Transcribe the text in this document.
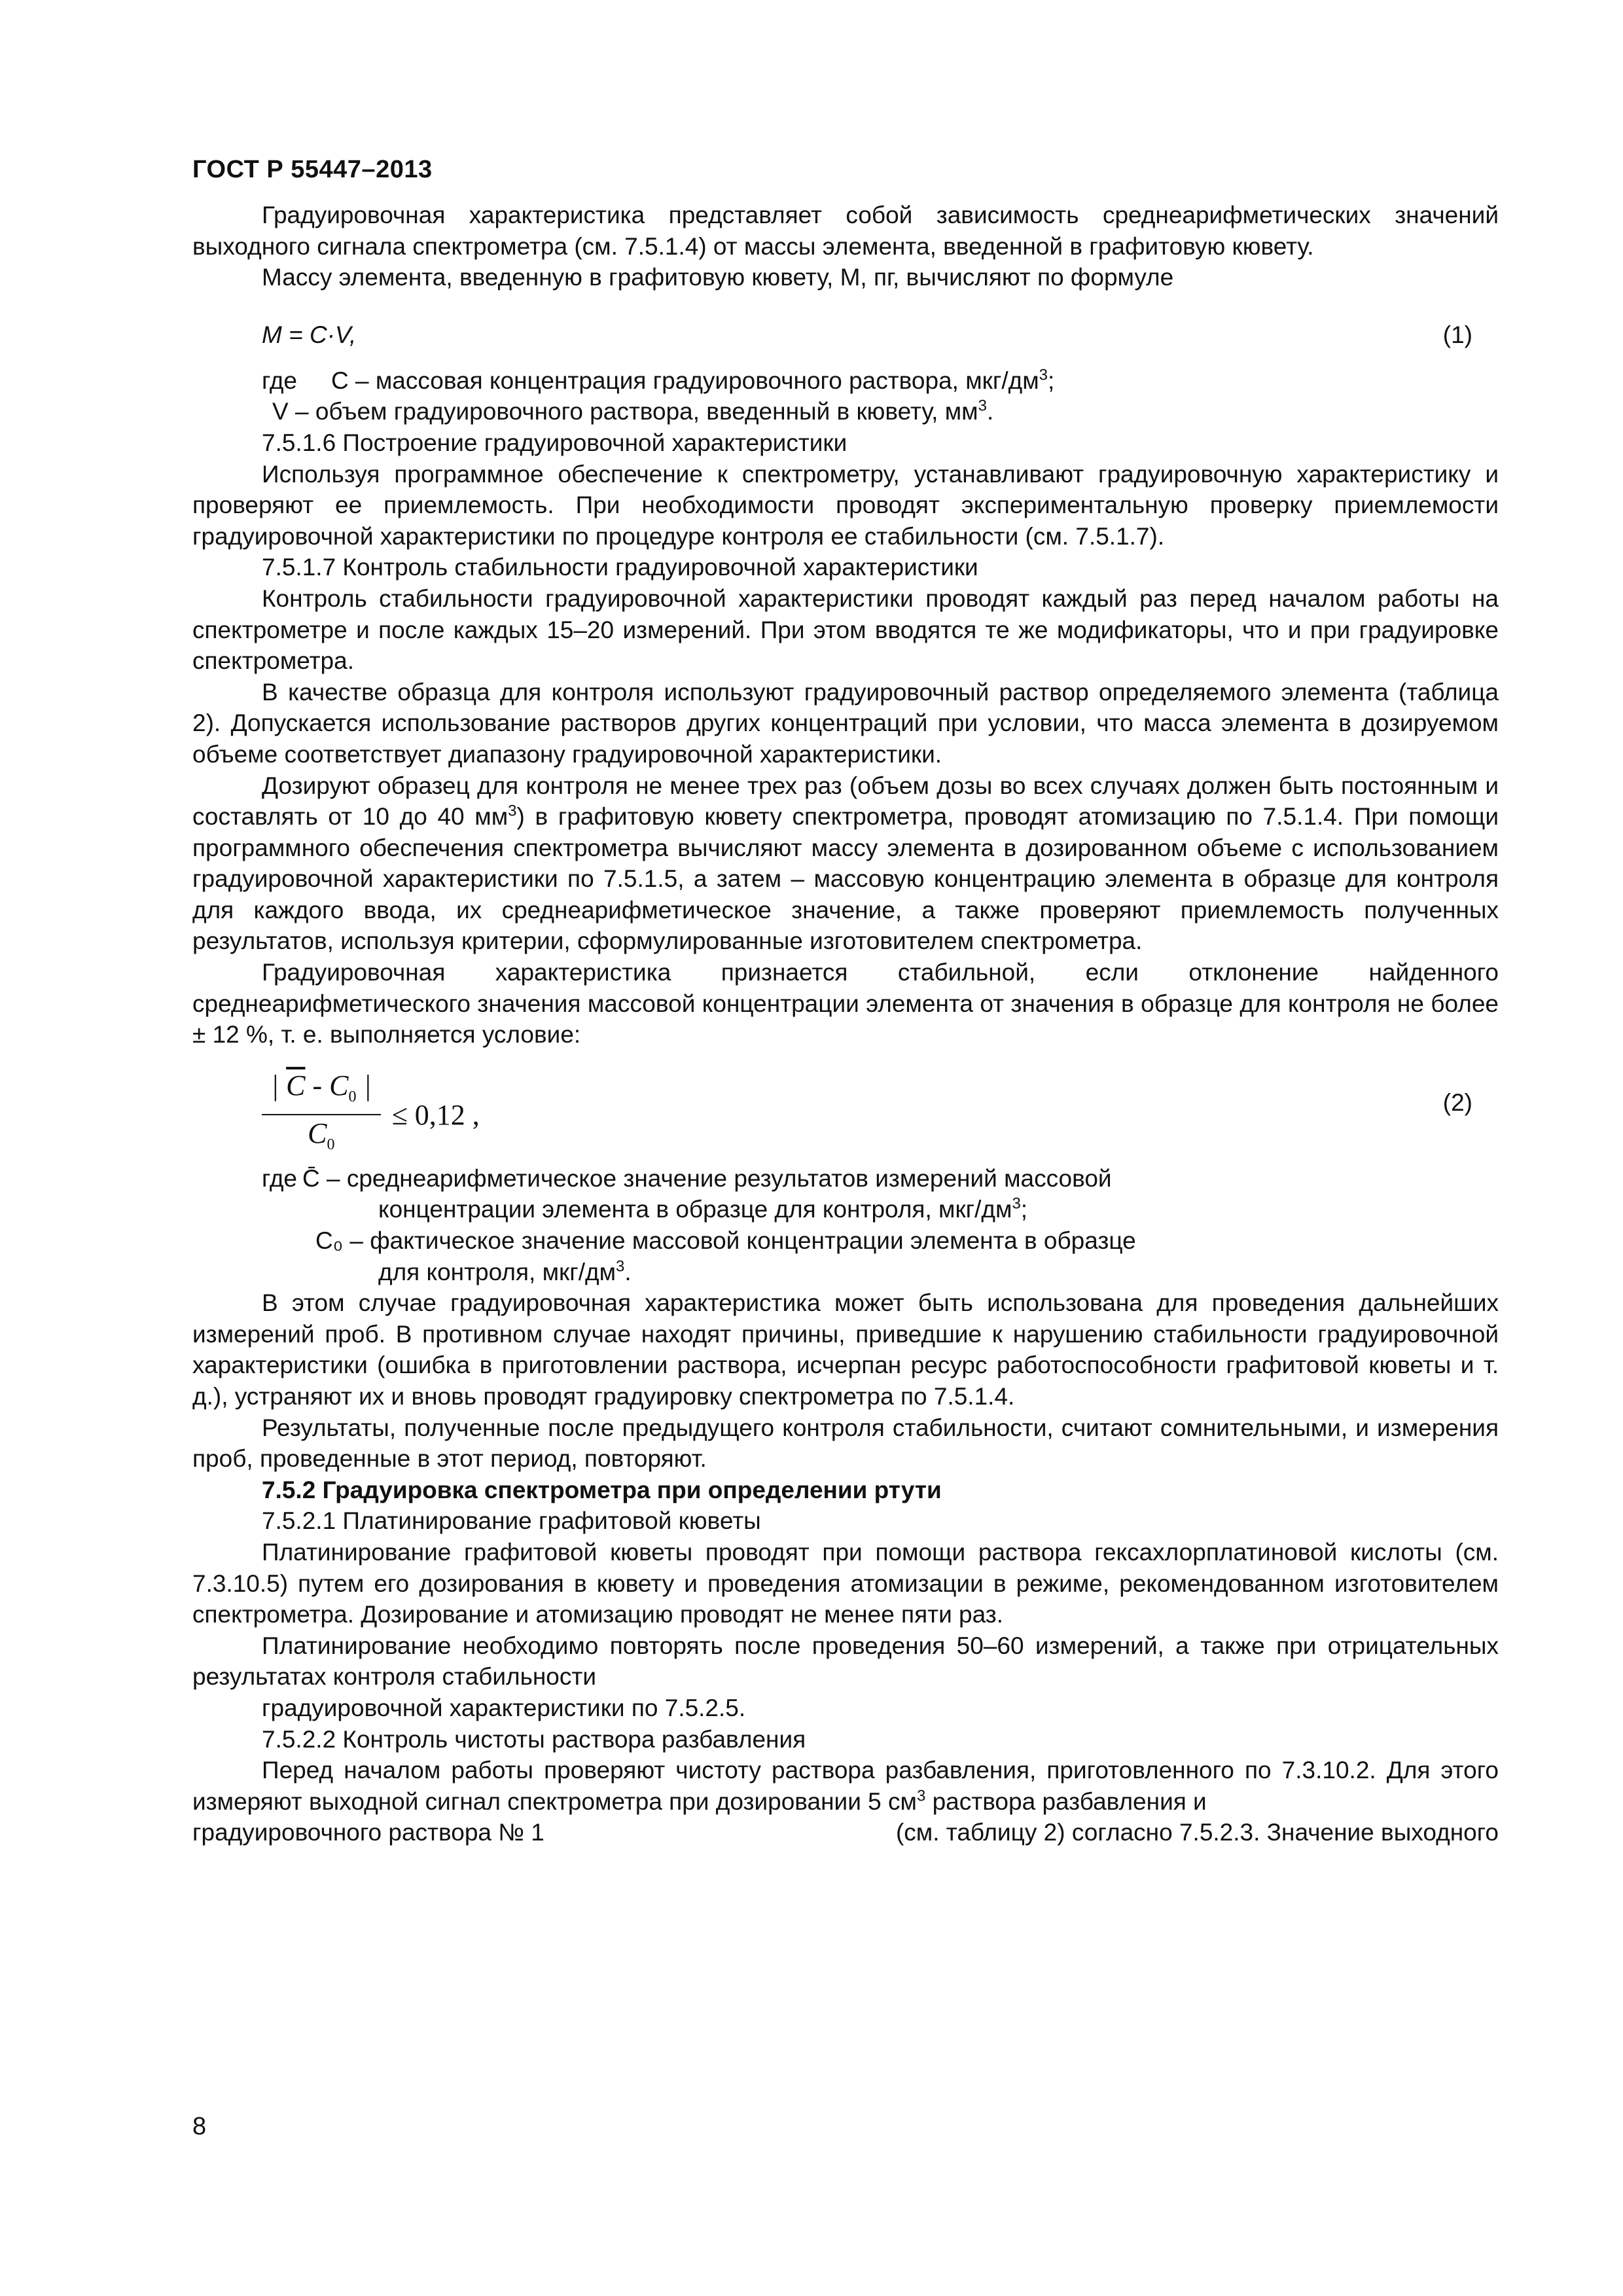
ГОСТ Р 55447–2013

Градуировочная характеристика представляет собой зависимость среднеарифметических значений выходного сигнала спектрометра (см. 7.5.1.4) от массы элемента, введенной в графитовую кювету.

Массу элемента, введенную в графитовую кювету, M, пг, вычисляют по формуле

M = C·V,	(1)

где C – массовая концентрация градуировочного раствора, мкг/$дм^3$;

V – объем градуировочного раствора, введенный в кювету, $мм^3$.

7.5.1.6 Построение градуировочной характеристики

Используя программное обеспечение к спектрометру, устанавливают градуировочную характеристику и проверяют ее приемлемость. При необходимости проводят экспериментальную проверку приемлемости градуировочной характеристики по процедуре контроля ее стабильности (см. 7.5.1.7).

7.5.1.7 Контроль стабильности градуировочной характеристики

Контроль стабильности градуировочной характеристики проводят каждый раз перед началом работы на спектрометре и после каждых 15–20 измерений. При этом вводятся те же модификаторы, что и при градуировке спектрометра.

В качестве образца для контроля используют градуировочный раствор определяемого элемента (таблица 2). Допускается использование растворов других концентраций при условии, что масса элемента в дозируемом объеме соответствует диапазону градуировочной характеристики.

Дозируют образец для контроля не менее трех раз (объем дозы во всех случаях должен быть постоянным и составлять от 10 до 40 $мм^3$) в графитовую кювету спектрометра, проводят атомизацию по 7.5.1.4. При помощи программного обеспечения спектрометра вычисляют массу элемента в дозированном объеме с использованием градуировочной характеристики по 7.5.1.5, а затем – массовую концентрацию элемента в образце для контроля для каждого ввода, их среднеарифметическое значение, а также проверяют приемлемость полученных результатов, используя критерии, сформулированные изготовителем спектрометра.

Градуировочная характеристика признается стабильной, если отклонение найденного среднеарифметического значения массовой концентрации элемента от значения в образце для контроля не более ± 12 %, т. е. выполняется условие:

$\frac{| \overline{C} - C_0 |}{C_0} \le 0,12$ ,	(2)

где C̄ – среднеарифметическое значение результатов измерений массовой

концентрации элемента в образце для контроля, мкг/$дм^3$;

C₀ – фактическое значение массовой концентрации элемента в образце

для контроля, мкг/$дм^3$.

В этом случае градуировочная характеристика может быть использована для проведения дальнейших измерений проб. В противном случае находят причины, приведшие к нарушению стабильности градуировочной характеристики (ошибка в приготовлении раствора, исчерпан ресурс работоспособности графитовой кюветы и т. д.), устраняют их и вновь проводят градуировку спектрометра по 7.5.1.4.

Результаты, полученные после предыдущего контроля стабильности, считают сомнительными, и измерения проб, проведенные в этот период, повторяют.

7.5.2 Градуировка спектрометра при определении ртути

7.5.2.1 Платинирование графитовой кюветы

Платинирование графитовой кюветы проводят при помощи раствора гексахлорплатиновой кислоты (см. 7.3.10.5) путем его дозирования в кювету и проведения атомизации в режиме, рекомендованном изготовителем спектрометра. Дозирование и атомизацию проводят не менее пяти раз.

Платинирование необходимо повторять после проведения 50–60 измерений, а также при отрицательных результатах контроля стабильности

градуировочной характеристики по 7.5.2.5.

7.5.2.2 Контроль чистоты раствора разбавления

Перед началом работы проверяют чистоту раствора разбавления, приготовленного по 7.3.10.2. Для этого измеряют выходной сигнал спектрометра при дозировании 5 $см^3$ раствора разбавления и

градуировочного раствора № 1	(см. таблицу 2) согласно 7.5.2.3. Значение выходного

8
